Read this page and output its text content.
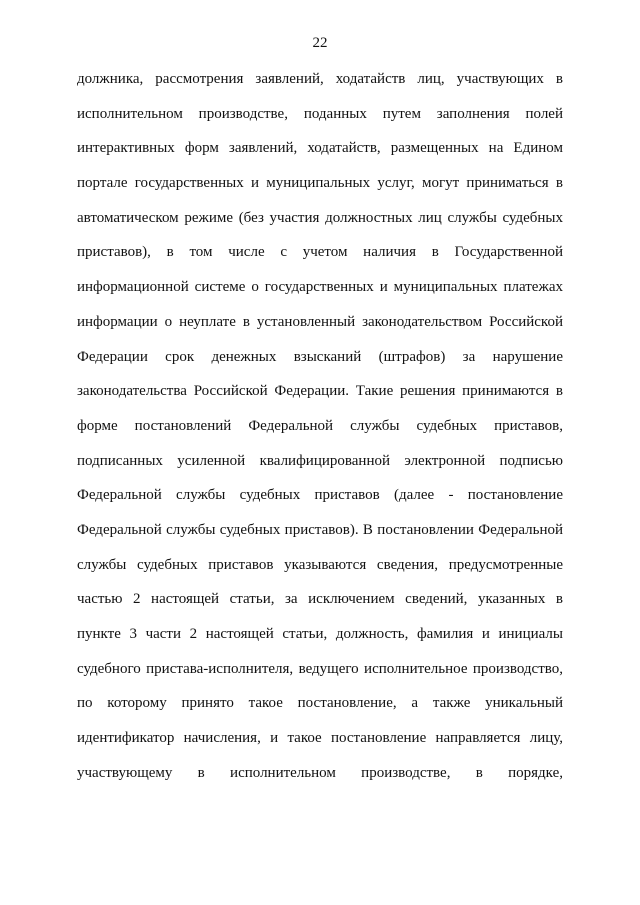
22
должника, рассмотрения заявлений, ходатайств лиц, участвующих в
исполнительном производстве, поданных путем заполнения полей
интерактивных форм заявлений, ходатайств, размещенных на Едином
портале государственных и муниципальных услуг, могут приниматься в
автоматическом режиме (без участия должностных лиц службы судебных
приставов), в том числе с учетом наличия в Государственной
информационной системе о государственных и муниципальных платежах
информации о неуплате в установленный законодательством Российской
Федерации срок денежных взысканий (штрафов) за нарушение
законодательства Российской Федерации. Такие решения принимаются в
форме постановлений Федеральной службы судебных приставов,
подписанных усиленной квалифицированной электронной подписью
Федеральной службы судебных приставов (далее - постановление
Федеральной службы судебных приставов). В постановлении Федеральной
службы судебных приставов указываются сведения, предусмотренные
частью 2 настоящей статьи, за исключением сведений, указанных в
пункте 3 части 2 настоящей статьи, должность, фамилия и инициалы
судебного пристава-исполнителя, ведущего исполнительное производство,
по которому принято такое постановление, а также уникальный
идентификатор начисления, и такое постановление направляется лицу,
участвующему в исполнительном производстве, в порядке,
